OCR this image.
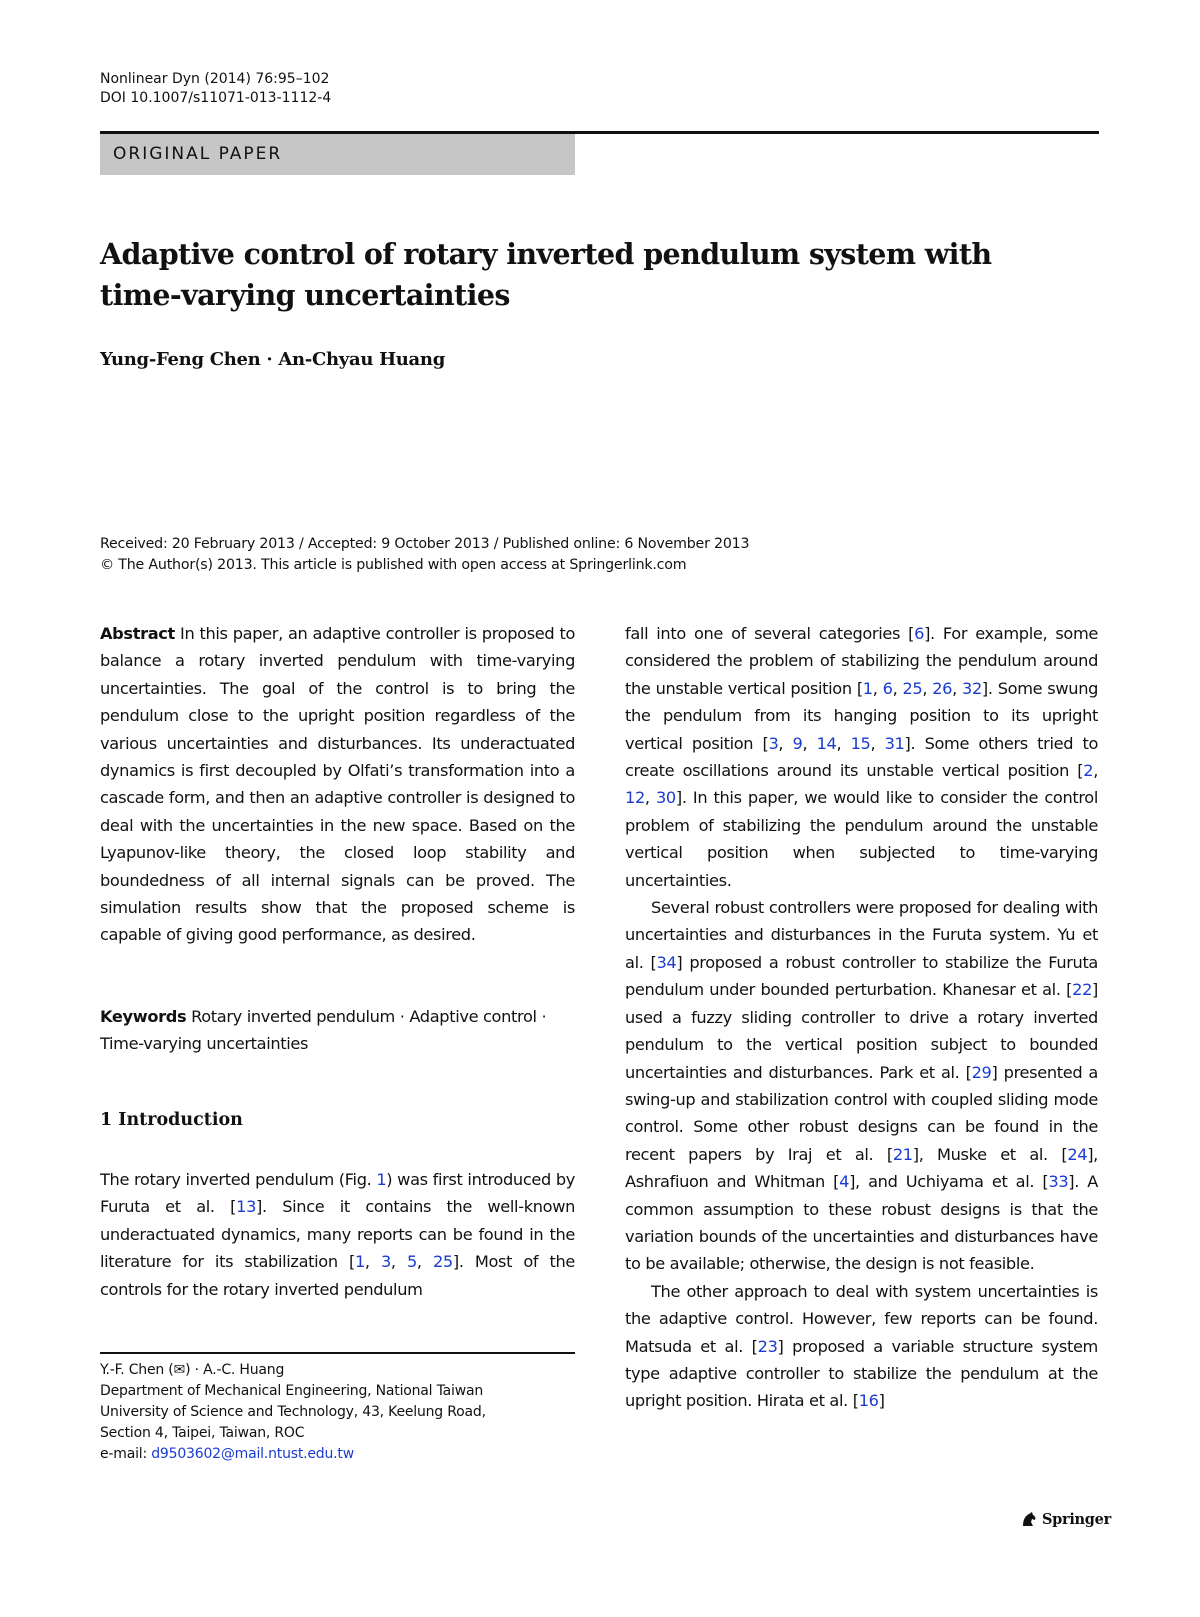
Nonlinear Dyn (2014) 76:95–102
DOI 10.1007/s11071-013-1112-4
ORIGINAL PAPER
Adaptive control of rotary inverted pendulum system with time-varying uncertainties
Yung-Feng Chen · An-Chyau Huang
Received: 20 February 2013 / Accepted: 9 October 2013 / Published online: 6 November 2013
© The Author(s) 2013. This article is published with open access at Springerlink.com

Abstract In this paper, an adaptive controller is proposed to balance a rotary inverted pendulum with time-varying uncertainties. The goal of the control is to bring the pendulum close to the upright position regardless of the various uncertainties and disturbances. Its underactuated dynamics is first decoupled by Olfati’s transformation into a cascade form, and then an adaptive controller is designed to deal with the uncertainties in the new space. Based on the Lyapunov-like theory, the closed loop stability and boundedness of all internal signals can be proved. The simulation results show that the proposed scheme is capable of giving good performance, as desired.

Keywords Rotary inverted pendulum · Adaptive control · Time-varying uncertainties

1 Introduction

The rotary inverted pendulum (Fig. 1) was first introduced by Furuta et al. [13]. Since it contains the well-known underactuated dynamics, many reports can be found in the literature for its stabilization [1, 3, 5, 25]. Most of the controls for the rotary inverted pendulum

Y.-F. Chen (✉) · A.-C. Huang
Department of Mechanical Engineering, National Taiwan
University of Science and Technology, 43, Keelung Road,
Section 4, Taipei, Taiwan, ROC
e-mail: d9503602@mail.ntust.edu.tw

fall into one of several categories [6]. For example, some considered the problem of stabilizing the pendulum around the unstable vertical position [1, 6, 25, 26, 32]. Some swung the pendulum from its hanging position to its upright vertical position [3, 9, 14, 15, 31]. Some others tried to create oscillations around its unstable vertical position [2, 12, 30]. In this paper, we would like to consider the control problem of stabilizing the pendulum around the unstable vertical position when subjected to time-varying uncertainties.

Several robust controllers were proposed for dealing with uncertainties and disturbances in the Furuta system. Yu et al. [34] proposed a robust controller to stabilize the Furuta pendulum under bounded perturbation. Khanesar et al. [22] used a fuzzy sliding controller to drive a rotary inverted pendulum to the vertical position subject to bounded uncertainties and disturbances. Park et al. [29] presented a swing-up and stabilization control with coupled sliding mode control. Some other robust designs can be found in the recent papers by Iraj et al. [21], Muske et al. [24], Ashrafiuon and Whitman [4], and Uchiyama et al. [33]. A common assumption to these robust designs is that the variation bounds of the uncertainties and disturbances have to be available; otherwise, the design is not feasible.

The other approach to deal with system uncertainties is the adaptive control. However, few reports can be found. Matsuda et al. [23] proposed a variable structure system type adaptive controller to stabilize the pendulum at the upright position. Hirata et al. [16]

Springer
